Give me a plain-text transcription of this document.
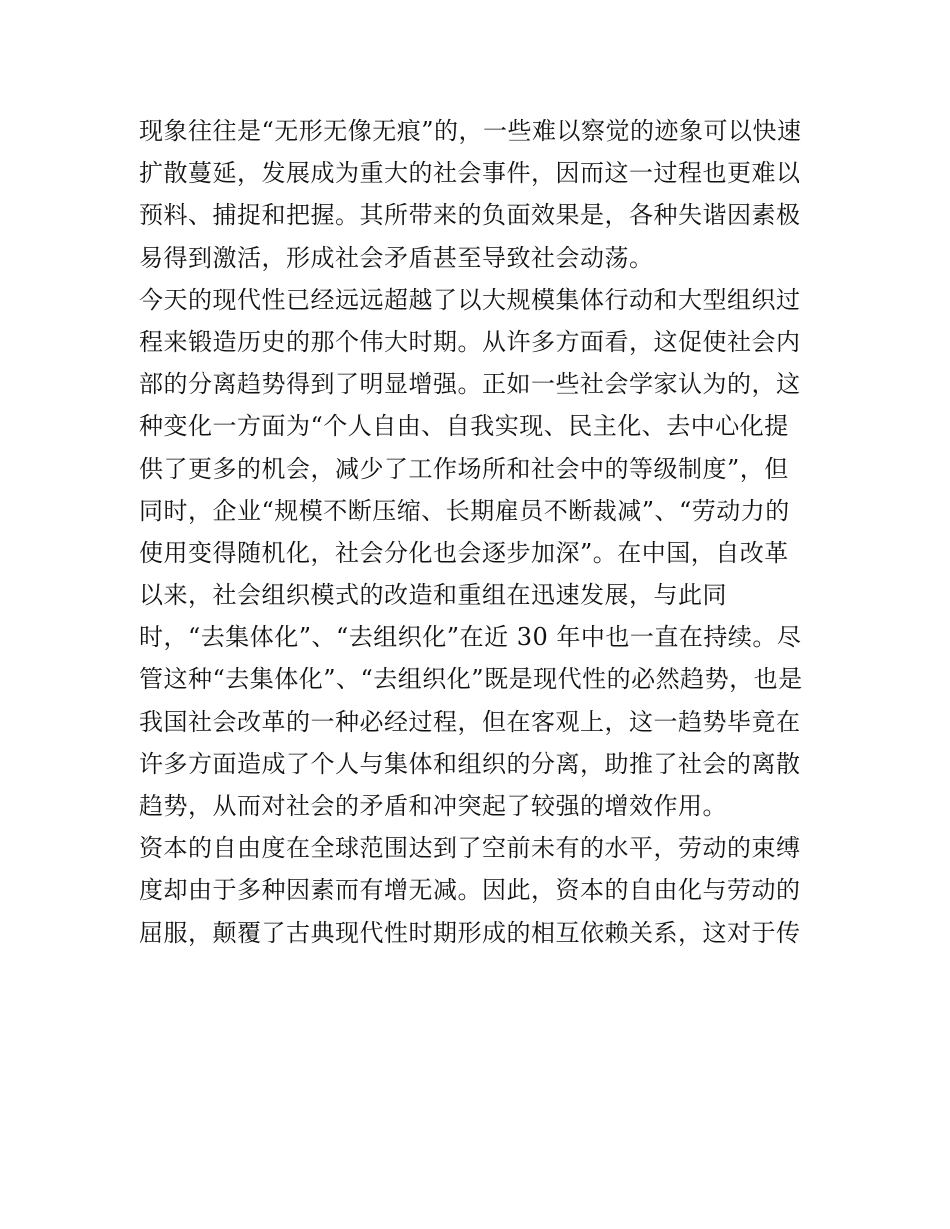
现象往往是“无形无像无痕”的，一些难以察觉的迹象可以快速
扩散蔓延，发展成为重大的社会事件，因而这一过程也更难以
预料、捕捉和把握。其所带来的负面效果是，各种失谐因素极
易得到激活，形成社会矛盾甚至导致社会动荡。
今天的现代性已经远远超越了以大规模集体行动和大型组织过
程来锻造历史的那个伟大时期。从许多方面看，这促使社会内
部的分离趋势得到了明显增强。正如一些社会学家认为的，这
种变化一方面为“个人自由、自我实现、民主化、去中心化提
供了更多的机会，减少了工作场所和社会中的等级制度”，但
同时，企业“规模不断压缩、长期雇员不断裁减”、“劳动力的
使用变得随机化，社会分化也会逐步加深”。在中国，自改革
以来，社会组织模式的改造和重组在迅速发展，与此同
时，“去集体化”、“去组织化”在近 30 年中也一直在持续。尽
管这种“去集体化”、“去组织化”既是现代性的必然趋势，也是
我国社会改革的一种必经过程，但在客观上，这一趋势毕竟在
许多方面造成了个人与集体和组织的分离，助推了社会的离散
趋势，从而对社会的矛盾和冲突起了较强的增效作用。
资本的自由度在全球范围达到了空前未有的水平，劳动的束缚
度却由于多种因素而有增无减。因此，资本的自由化与劳动的
屈服，颠覆了古典现代性时期形成的相互依赖关系，这对于传
